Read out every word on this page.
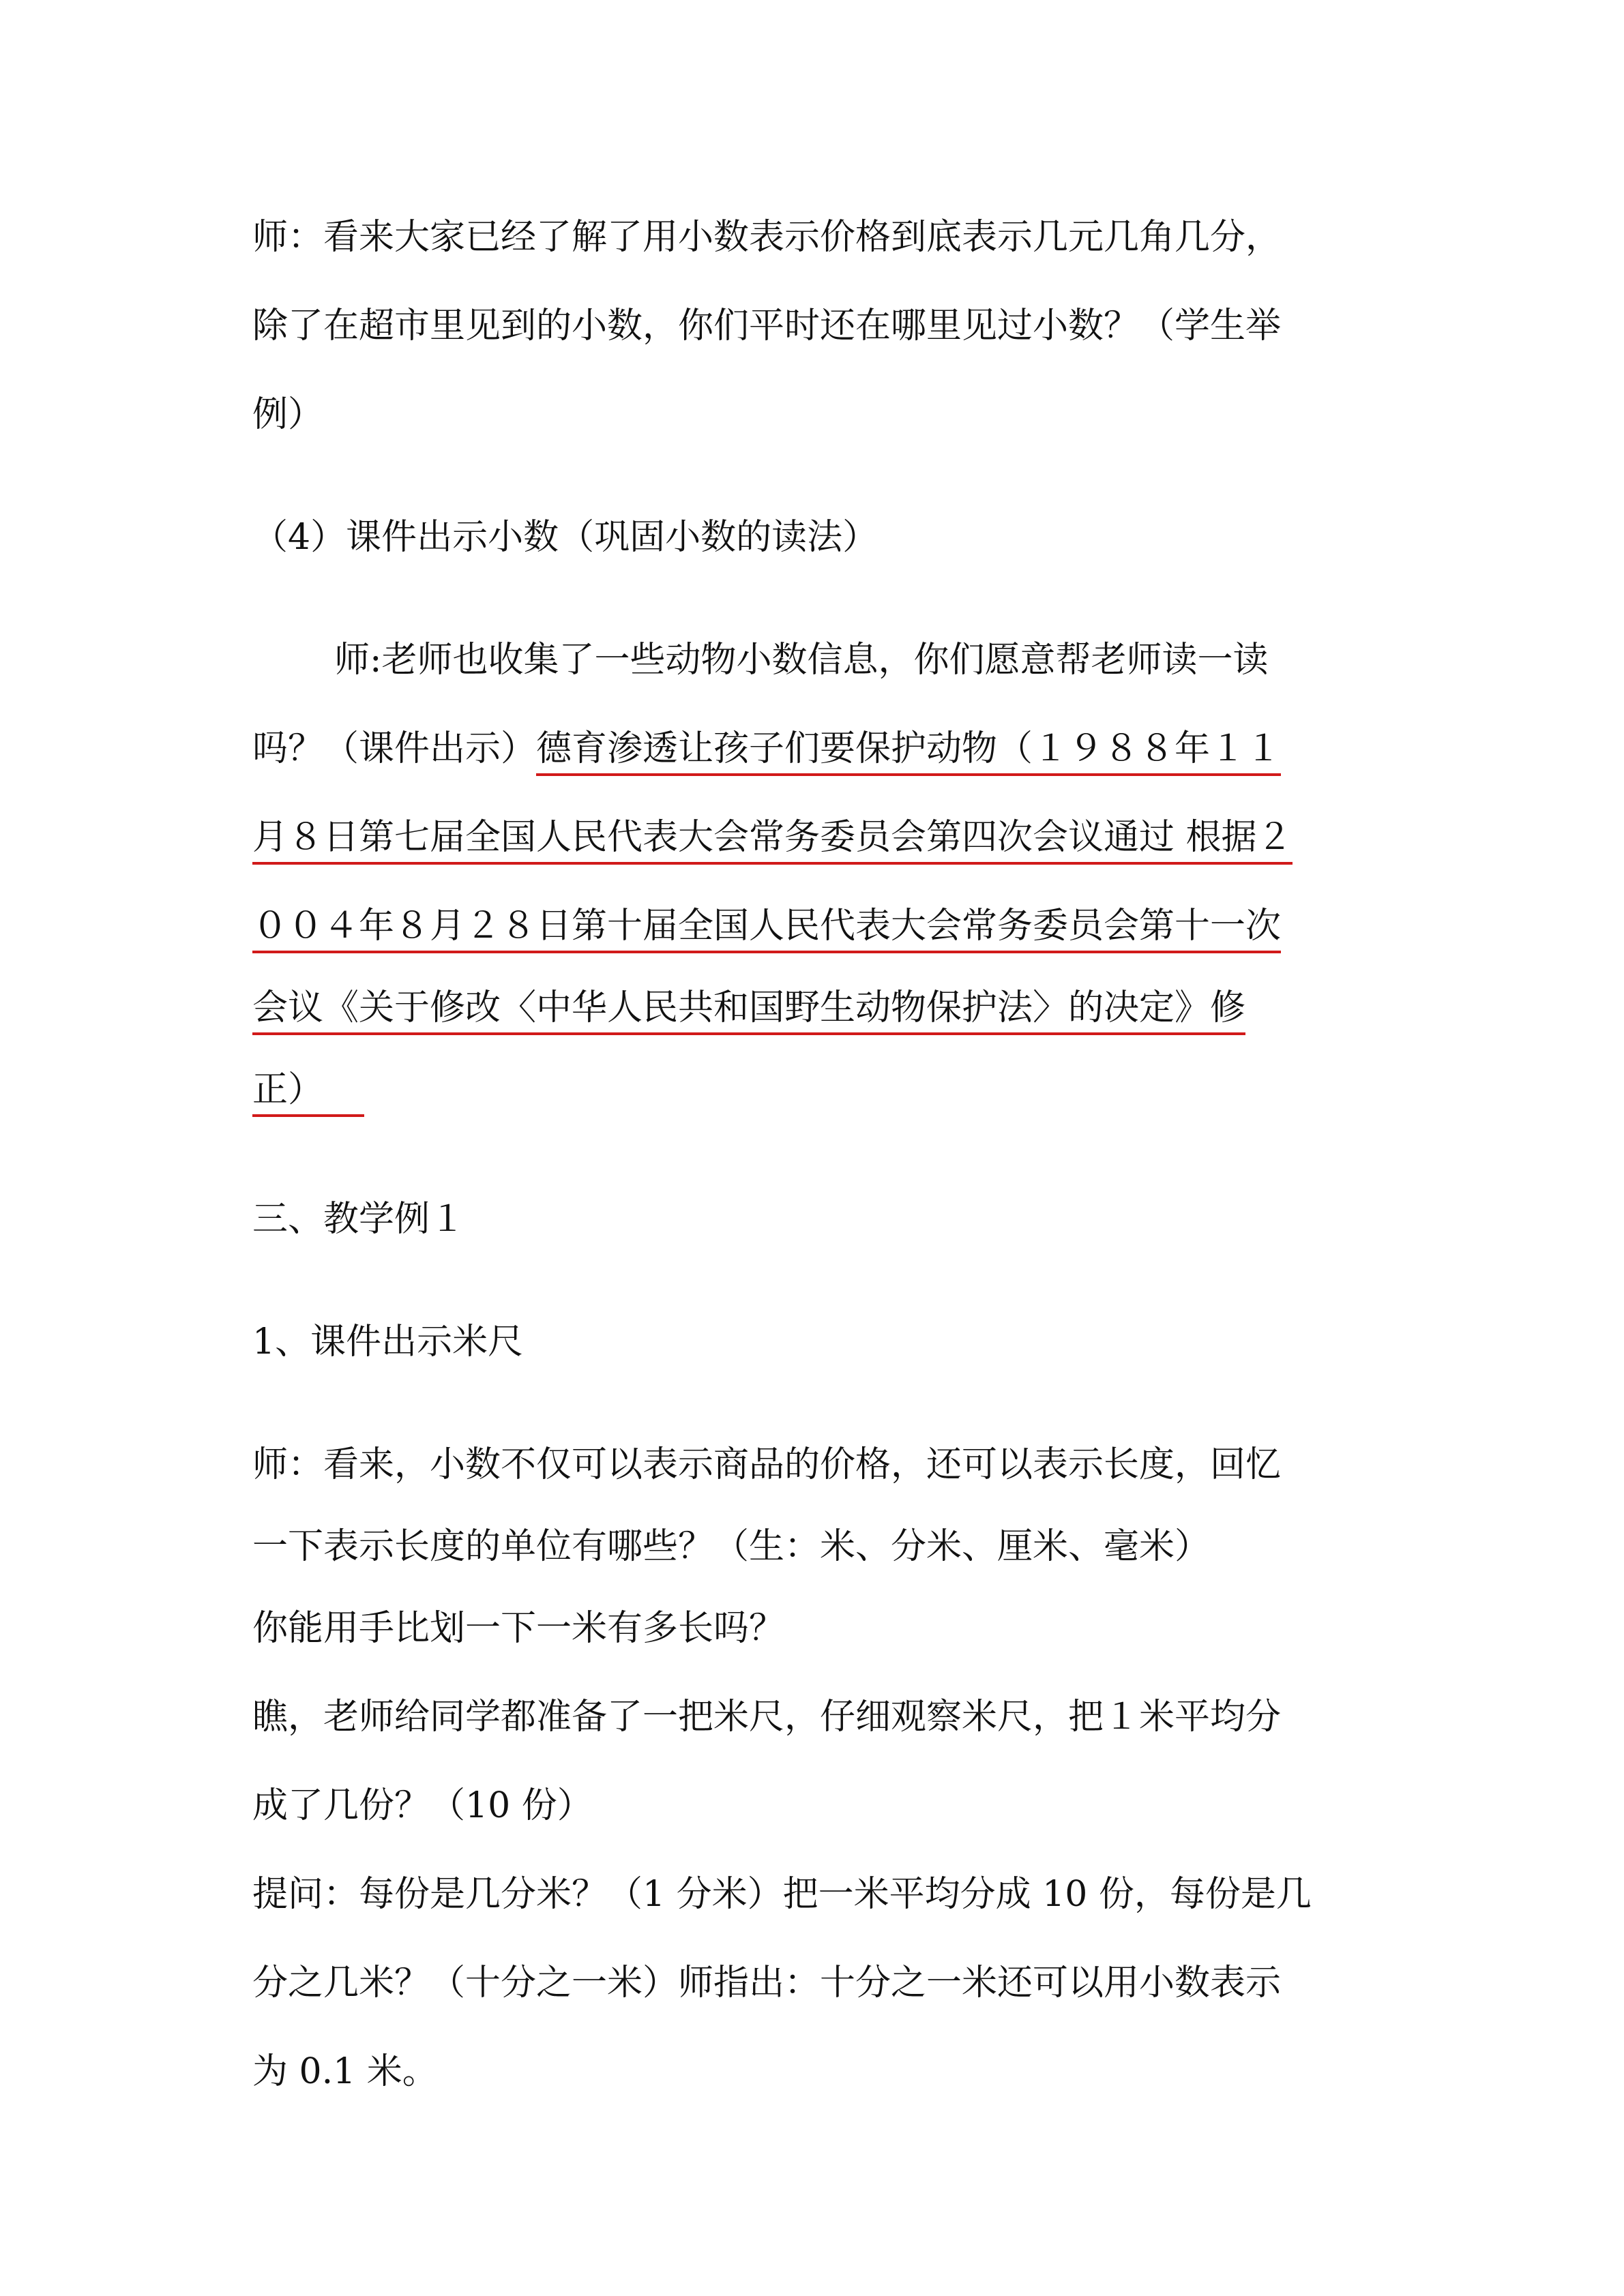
师：看来大家已经了解了用小数表示价格到底表示几元几角几分，
除了在超市里见到的小数，你们平时还在哪里见过小数？（学生举
例）
（4）课件出示小数（巩固小数的读法）
师:老师也收集了一些动物小数信息，你们愿意帮老师读一读
吗？（课件出示）德育渗透让孩子们要保护动物（１９８８年１１
月８日第七届全国人民代表大会常务委员会第四次会议通过 根据２
００４年８月２８日第十届全国人民代表大会常务委员会第十一次
会议《关于修改〈中华人民共和国野生动物保护法〉的决定》修
正）
三、教学例１
1、课件出示米尺
师：看来，小数不仅可以表示商品的价格，还可以表示长度，回忆
一下表示长度的单位有哪些？（生：米、分米、厘米、毫米）
你能用手比划一下一米有多长吗？
瞧，老师给同学都准备了一把米尺，仔细观察米尺，把１米平均分
成了几份？（10 份）
提问：每份是几分米？（1 分米）把一米平均分成 10 份，每份是几
分之几米？（十分之一米）师指出：十分之一米还可以用小数表示
为 0.1 米。
